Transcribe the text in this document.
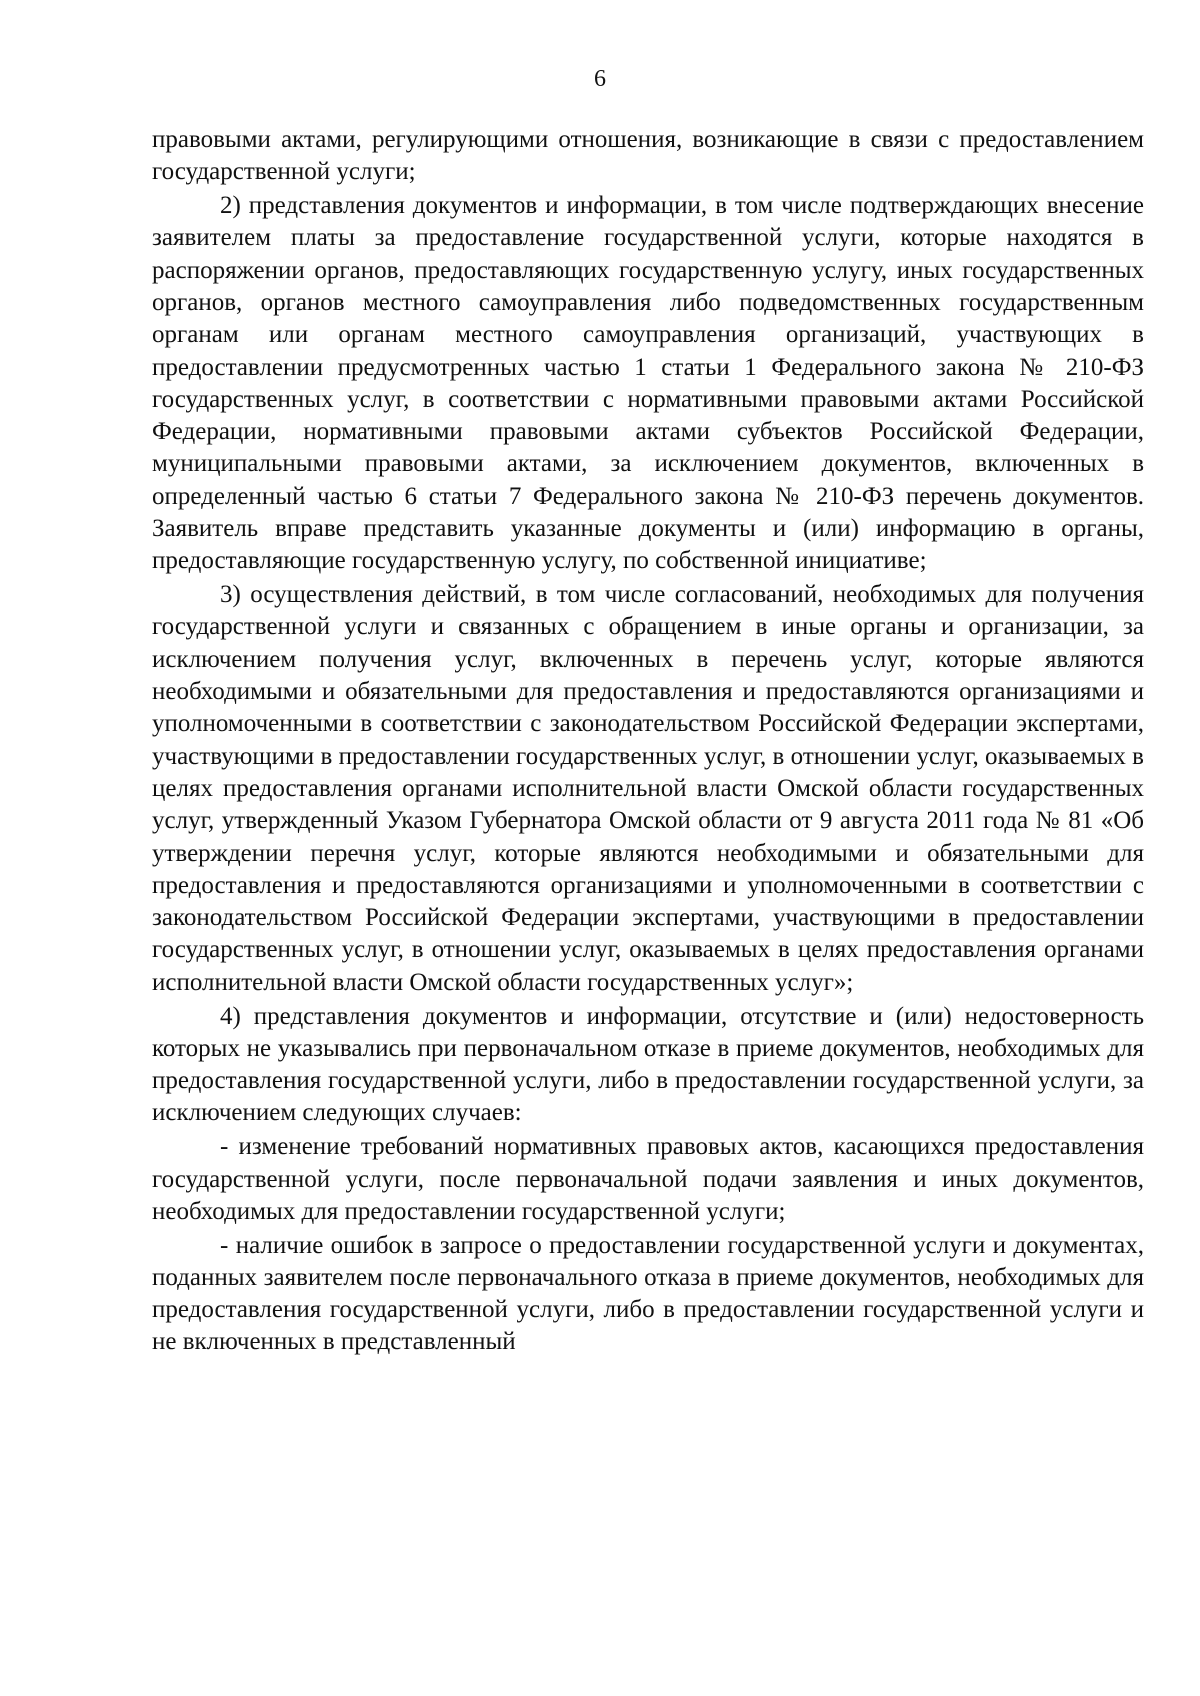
6

правовыми актами, регулирующими отношения, возникающие в связи с предоставлением государственной услуги;

2) представления документов и информации, в том числе подтверждающих внесение заявителем платы за предоставление государственной услуги, которые находятся в распоряжении органов, предоставляющих государственную услугу, иных государственных органов, органов местного самоуправления либо подведомственных государственным органам или органам местного самоуправления организаций, участвующих в предоставлении предусмотренных частью 1 статьи 1 Федерального закона № 210-ФЗ государственных услуг, в соответствии с нормативными правовыми актами Российской Федерации, нормативными правовыми актами субъектов Российской Федерации, муниципальными правовыми актами, за исключением документов, включенных в определенный частью 6 статьи 7 Федерального закона № 210-ФЗ перечень документов. Заявитель вправе представить указанные документы и (или) информацию в органы, предоставляющие государственную услугу, по собственной инициативе;

3) осуществления действий, в том числе согласований, необходимых для получения государственной услуги и связанных с обращением в иные органы и организации, за исключением получения услуг, включенных в перечень услуг, которые являются необходимыми и обязательными для предоставления и предоставляются организациями и уполномоченными в соответствии с законодательством Российской Федерации экспертами, участвующими в предоставлении государственных услуг, в отношении услуг, оказываемых в целях предоставления органами исполнительной власти Омской области государственных услуг, утвержденный Указом Губернатора Омской области от 9 августа 2011 года № 81 «Об утверждении перечня услуг, которые являются необходимыми и обязательными для предоставления и предоставляются организациями и уполномоченными в соответствии с законодательством Российской Федерации экспертами, участвующими в предоставлении государственных услуг, в отношении услуг, оказываемых в целях предоставления органами исполнительной власти Омской области государственных услуг»;

4) представления документов и информации, отсутствие и (или) недостоверность которых не указывались при первоначальном отказе в приеме документов, необходимых для предоставления государственной услуги, либо в предоставлении государственной услуги, за исключением следующих случаев:

- изменение требований нормативных правовых актов, касающихся предоставления государственной услуги, после первоначальной подачи заявления и иных документов, необходимых для предоставлении государственной услуги;

- наличие ошибок в запросе о предоставлении государственной услуги и документах, поданных заявителем после первоначального отказа в приеме документов, необходимых для предоставления государственной услуги, либо в предоставлении государственной услуги и не включенных в представленный
